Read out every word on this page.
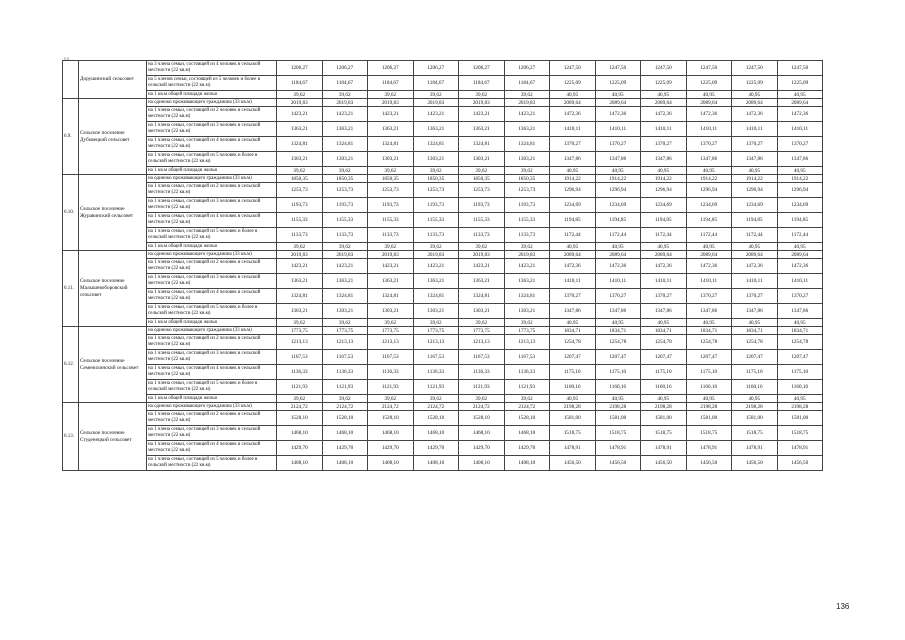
6.8.
	Дорушинский сельсовет	на 3 члена семьи, состоящей из 4 человек в сельской местности (22 кв.м)	1206,27	1206,27	1206,27	1206,27	1206,27	1206,27	1247,50	1247,50	1247,50	1247,50	1247,50	1247,50
		на 5 членов семьи, состоящей из 5 человек и более в сельской местности (22 кв.м)	1184,67	1184,67	1184,67	1184,67	1184,67	1184,67	1225,09	1225,09	1225,09	1225,09	1225,09	1225,09
		на 1 кв.м общей площади жилья	39,62	39,62	39,62	39,62	39,62	39,62	40,95	40,95	40,95	40,95	40,95	40,95
6.9.	Сельское поселение Дубовецкий сельсовет	на одиноко проживающего гражданина (33 кв.м)	2019,83	2019,83	2019,83	2019,83	2019,83	2019,83	2089,64	2089,64	2089,64	2089,64	2089,64	2089,64
		на 1 члена семьи, состоящей из 2 человек в сельской местности (22 кв.м)	1423,21	1423,21	1423,21	1423,21	1423,21	1423,21	1472,36	1472,36	1472,36	1472,36	1472,36	1472,36
		на 1 члена семьи, состоящей из 3 человек в сельской местности (22 кв.м)	1363,21	1363,21	1363,21	1363,21	1363,21	1363,21	1410,11	1410,11	1410,11	1410,11	1410,11	1410,11
		на 1 члена семьи, состоящей из 4 человек в сельской местности (22 кв.м)	1324,81	1324,81	1324,81	1324,81	1324,81	1324,81	1370,27	1370,27	1370,27	1370,27	1370,27	1370,27
		на 1 члена семьи, состоящей из 5 человек и более в сельской местности (22 кв.м)	1303,21	1303,21	1303,21	1303,21	1303,21	1303,21	1347,86	1347,86	1347,86	1347,86	1347,86	1347,86
		на 1 кв.м общей площади жилья	39,62	39,62	39,62	39,62	39,62	39,62	40,95	40,95	40,95	40,95	40,95	40,95
6.10.	Сельское поселение Журавинский сельсовет	на одиноко проживающего гражданина (33 кв.м)	1850,35	1850,35	1850,35	1850,35	1850,35	1850,35	1914,22	1914,22	1914,22	1914,22	1914,22	1914,22
		на 1 члена семьи, состоящей из 2 человек в сельской местности (22 кв.м)	1253,73	1253,73	1253,73	1253,73	1253,73	1253,73	1296,94	1296,94	1296,94	1296,94	1296,94	1296,94
		на 1 члена семьи, состоящей из 3 человек в сельской местности (22 кв.м)	1193,73	1193,73	1193,73	1193,73	1193,73	1193,73	1234,69	1234,69	1234,69	1234,69	1234,69	1234,69
		на 1 члена семьи, состоящей из 4 человек в сельской местности (22 кв.м)	1155,33	1155,33	1155,33	1155,33	1155,33	1155,33	1194,85	1194,85	1194,85	1194,85	1194,85	1194,85
		на 1 члена семьи, состоящей из 5 человек и более в сельской местности (22 кв.м)	1133,73	1133,73	1133,73	1133,73	1133,73	1133,73	1172,44	1172,44	1172,44	1172,44	1172,44	1172,44
		на 1 кв.м общей площади жилья	39,62	39,62	39,62	39,62	39,62	39,62	40,95	40,95	40,95	40,95	40,95	40,95
6.11.	Сельское поселение Малышевоборовский сельсовет	на одиноко проживающего гражданина (33 кв.м)	2019,83	2019,83	2019,83	2019,83	2019,83	2019,83	2089,64	2089,64	2089,64	2089,64	2089,64	2089,64
		на 1 члена семьи, состоящей из 2 человек в сельской местности (22 кв.м)	1423,21	1423,21	1423,21	1423,21	1423,21	1423,21	1472,36	1472,36	1472,36	1472,36	1472,36	1472,36
		на 1 члена семьи, состоящей из 3 человек в сельской местности (22 кв.м)	1363,21	1363,21	1363,21	1363,21	1363,21	1363,21	1410,11	1410,11	1410,11	1410,11	1410,11	1410,11
		на 1 члена семьи, состоящей из 4 человек в сельской местности (22 кв.м)	1324,81	1324,81	1324,81	1324,81	1324,81	1324,81	1370,27	1370,27	1370,27	1370,27	1370,27	1370,27
		на 1 члена семьи, состоящей из 5 человек и более в сельской местности (22 кв.м)	1303,21	1303,21	1303,21	1303,21	1303,21	1303,21	1347,86	1347,86	1347,86	1347,86	1347,86	1347,86
		на 1 кв.м общей площади жилья	39,62	39,62	39,62	39,62	39,62	39,62	40,95	40,95	40,95	40,95	40,95	40,95
6.12.	Сельское поселение Семенихинский сельсовет	на одиноко проживающего гражданина (33 кв.м)	1773,75	1773,75	1773,75	1773,75	1773,75	1773,75	1834,71	1834,71	1834,71	1834,71	1834,71	1834,71
		на 1 члена семьи, состоящей из 2 человек в сельской местности (22 кв.м)	1213,13	1213,13	1213,13	1213,13	1213,13	1213,13	1254,78	1254,78	1254,78	1254,78	1254,78	1254,78
		на 1 члена семьи, состоящей из 3 человек в сельской местности (22 кв.м)	1167,53	1167,53	1167,53	1167,53	1167,53	1167,53	1207,47	1207,47	1207,47	1207,47	1207,47	1207,47
		на 1 члена семьи, состоящей из 4 человек в сельской местности (22 кв.м)	1136,33	1136,33	1136,33	1136,33	1136,33	1136,33	1175,10	1175,10	1175,10	1175,10	1175,10	1175,10
		на 1 члена семьи, состоящей из 5 человек и более в сельской местности (22 кв.м)	1121,93	1121,93	1121,93	1121,93	1121,93	1121,93	1160,16	1160,16	1160,16	1160,16	1160,16	1160,16
		на 1 кв.м общей площади жилья	39,62	39,62	39,62	39,62	39,62	39,62	40,95	40,95	40,95	40,95	40,95	40,95
6.13.	Сельское поселение Студенецкий сельсовет	на одиноко проживающего гражданина (33 кв.м)	2124,72	2124,72	2124,72	2124,72	2124,72	2124,72	2198,28	2198,28	2198,28	2198,28	2198,28	2198,28
		на 1 члена семьи, состоящей из 2 человек в сельской местности (22 кв.м)	1528,10	1528,10	1528,10	1528,10	1528,10	1528,10	1581,00	1581,00	1581,00	1581,00	1581,00	1581,00
		на 1 члена семьи, состоящей из 3 человек в сельской местности (22 кв.м)	1468,10	1468,10	1468,10	1468,10	1468,10	1468,10	1518,75	1518,75	1518,75	1518,75	1518,75	1518,75
		на 1 члена семьи, состоящей из 4 человек в сельской местности (22 кв.м)	1429,70	1429,70	1429,70	1429,70	1429,70	1429,70	1478,91	1478,91	1478,91	1478,91	1478,91	1478,91
		на 1 члена семьи, состоящей из 5 человек и более в сельской местности (22 кв.м)	1408,10	1408,10	1408,10	1408,10	1408,10	1408,10	1456,50	1456,50	1456,50	1456,50	1456,50	1456,50
136
